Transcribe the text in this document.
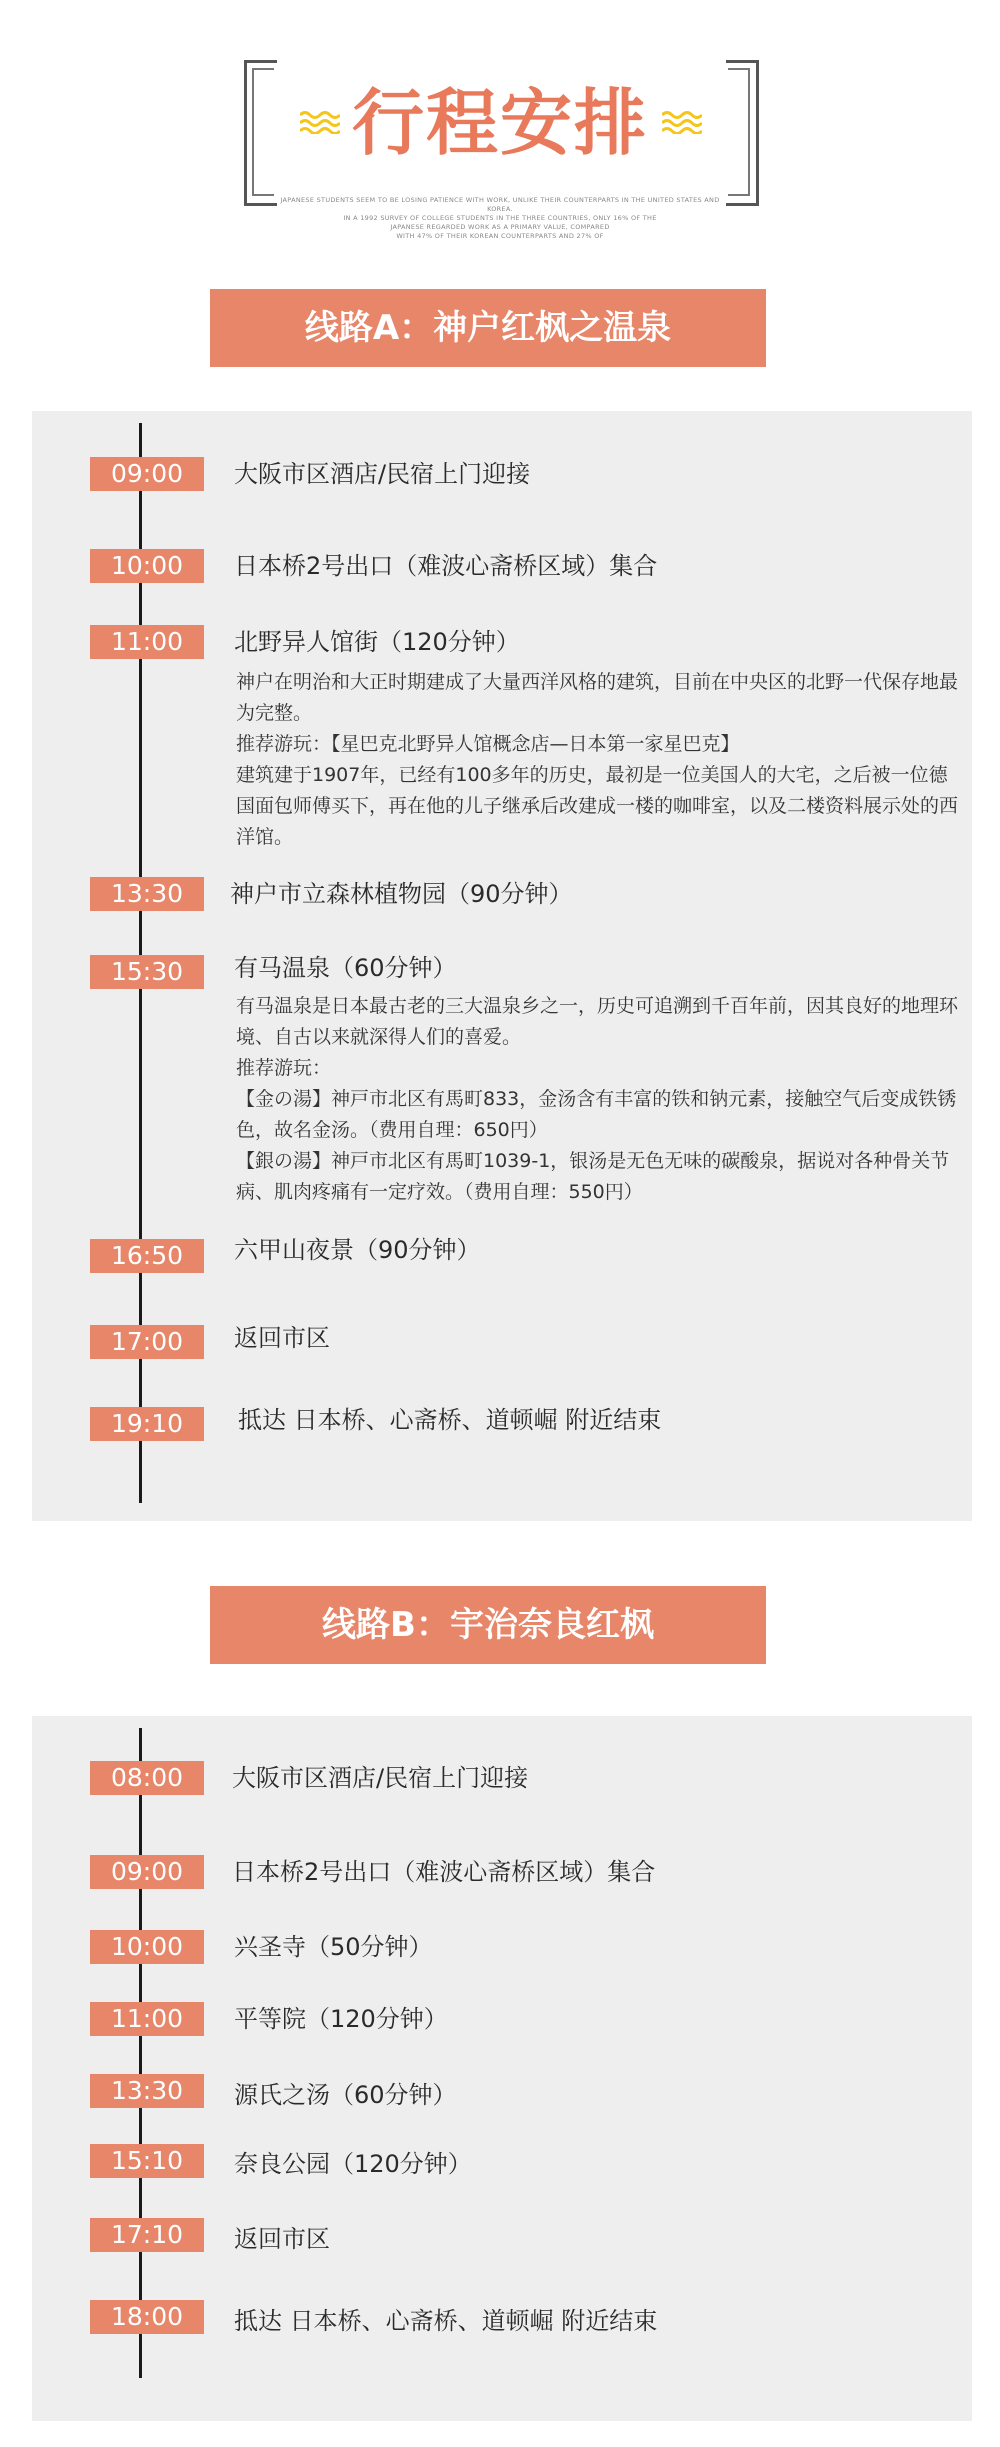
行程安排
JAPANESE STUDENTS SEEM TO BE LOSING PATIENCE WITH WORK, UNLIKE THEIR COUNTERPARTS IN THE UNITED STATES AND KOREA.
IN A 1992 SURVEY OF COLLEGE STUDENTS IN THE THREE COUNTRIES, ONLY 16% OF THE
JAPANESE REGARDED WORK AS A PRIMARY VALUE, COMPARED
WITH 47% OF THEIR KOREAN COUNTERPARTS AND 27% OF
线路A：神户红枫之温泉
09:00	大阪市区酒店/民宿上门迎接
10:00	日本桥2号出口（难波心斋桥区域）集合
11:00	北野异人馆街（120分钟）

神户在明治和大正时期建成了大量西洋风格的建筑，目前在中央区的北野一代保存地最为完整。

推荐游玩：【星巴克北野异人馆概念店—日本第一家星巴克】

建筑建于1907年，已经有100多年的历史，最初是一位美国人的大宅，之后被一位德国面包师傅买下，再在他的儿子继承后改建成一楼的咖啡室，以及二楼资料展示处的西洋馆。

13:30	神户市立森林植物园（90分钟）
15:30	有马温泉（60分钟）

有马温泉是日本最古老的三大温泉乡之一，历史可追溯到千百年前，因其良好的地理环境、自古以来就深得人们的喜爱。

推荐游玩：

【金の湯】神戸市北区有馬町833，金汤含有丰富的铁和钠元素，接触空气后变成铁锈色，故名金汤。（费用自理：650円）

【銀の湯】神戸市北区有馬町1039-1，银汤是无色无味的碳酸泉，据说对各种骨关节病、肌肉疼痛有一定疗效。（费用自理：550円）

16:50	六甲山夜景（90分钟）
17:00	返回市区
19:10	抵达 日本桥、心斋桥、道顿崛 附近结束
线路B：宇治奈良红枫
08:00	大阪市区酒店/民宿上门迎接
09:00	日本桥2号出口（难波心斋桥区域）集合
10:00	兴圣寺（50分钟）
11:00	平等院（120分钟）
13:30	源氏之汤（60分钟）
15:10	奈良公园（120分钟）
17:10	返回市区
18:00	抵达 日本桥、心斋桥、道顿崛 附近结束
